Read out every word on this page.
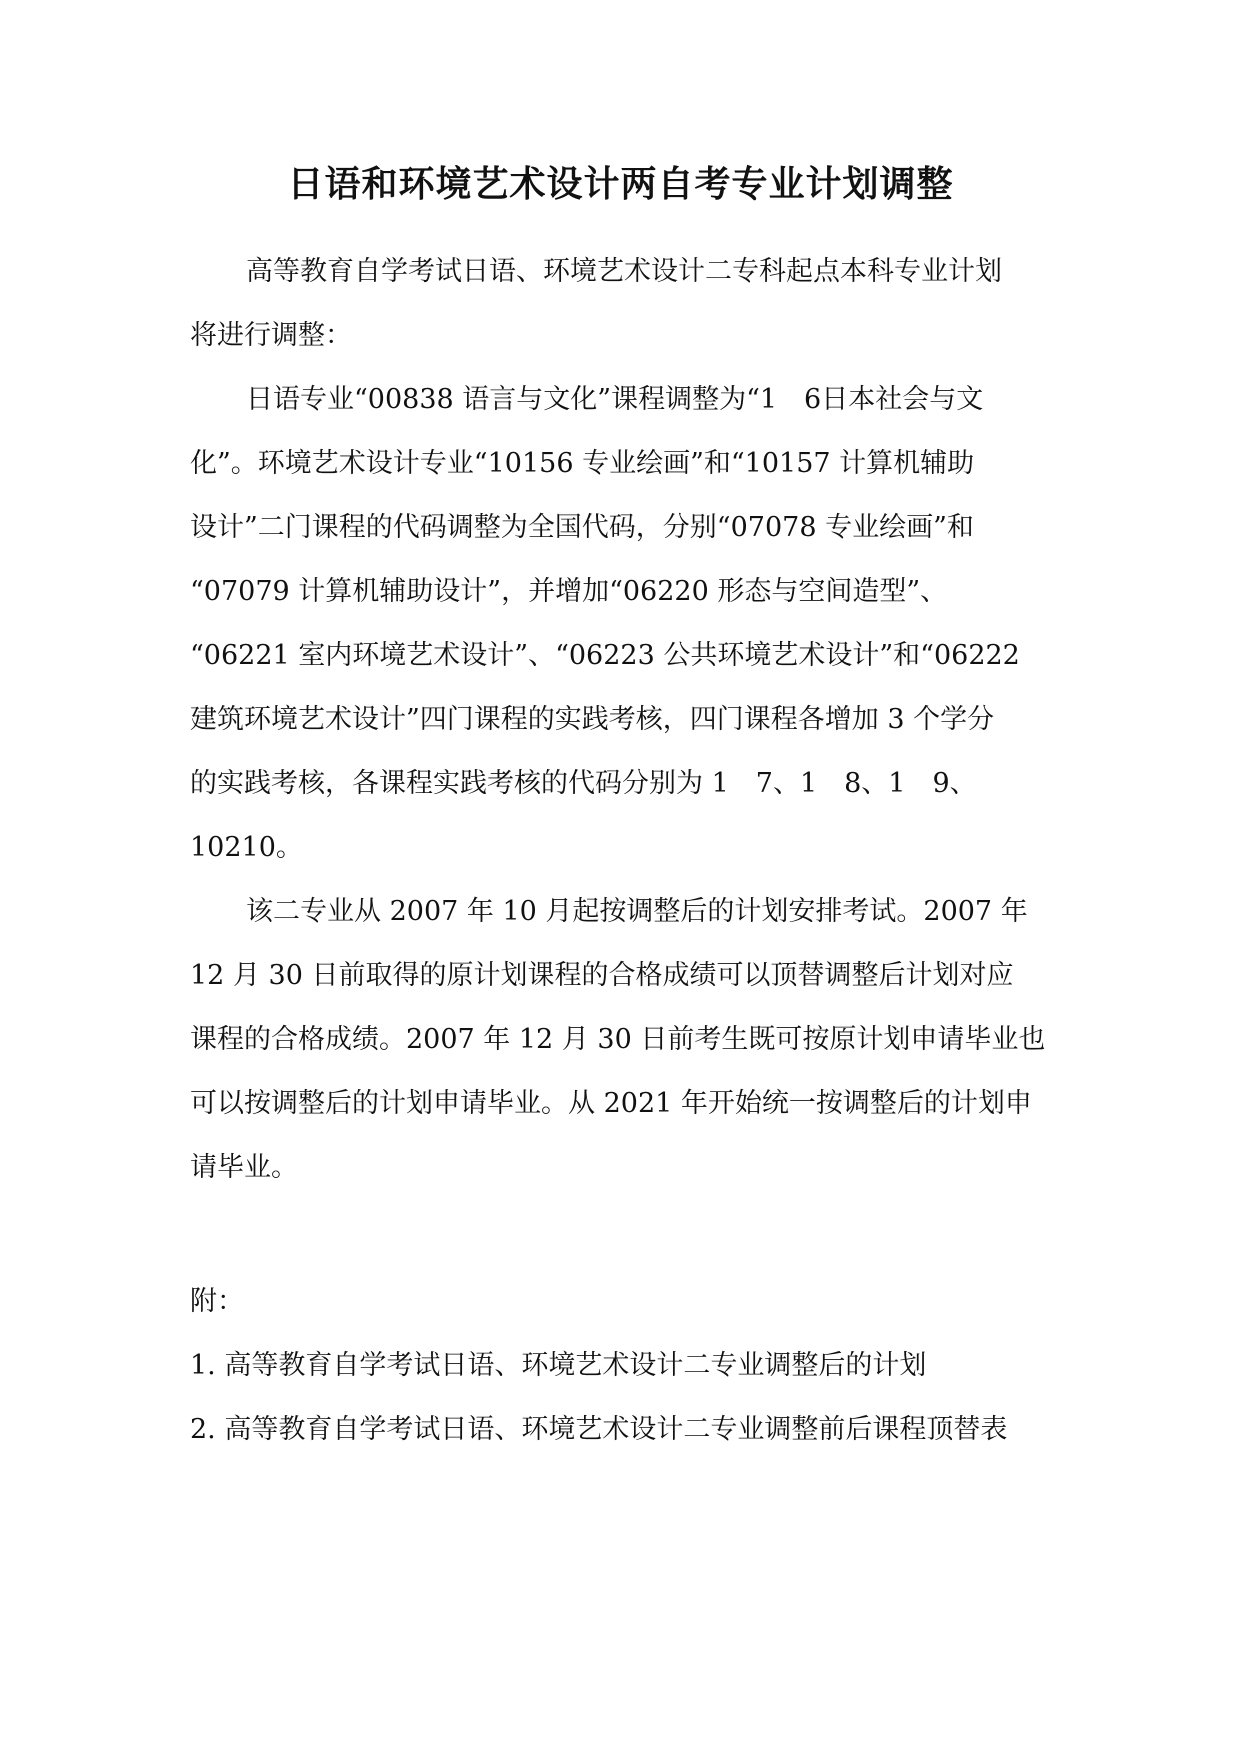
日语和环境艺术设计两自考专业计划调整
高等教育自学考试日语、环境艺术设计二专科起点本科专业计划
将进行调整：
日语专业“00838 语言与文化”课程调整为“1　6日本社会与文
化”。环境艺术设计专业“10156 专业绘画”和“10157 计算机辅助
设计”二门课程的代码调整为全国代码，分别“07078 专业绘画”和
“07079 计算机辅助设计”，并增加“06220 形态与空间造型”、
“06221 室内环境艺术设计”、“06223 公共环境艺术设计”和“06222
建筑环境艺术设计”四门课程的实践考核，四门课程各增加 3 个学分
的实践考核，各课程实践考核的代码分别为 1　7、1　8、1　9、
10210。
该二专业从 2007 年 10 月起按调整后的计划安排考试。2007 年
12 月 30 日前取得的原计划课程的合格成绩可以顶替调整后计划对应
课程的合格成绩。2007 年 12 月 30 日前考生既可按原计划申请毕业也
可以按调整后的计划申请毕业。从 2021 年开始统一按调整后的计划申
请毕业。
附：
1. 高等教育自学考试日语、环境艺术设计二专业调整后的计划
2. 高等教育自学考试日语、环境艺术设计二专业调整前后课程顶替表
